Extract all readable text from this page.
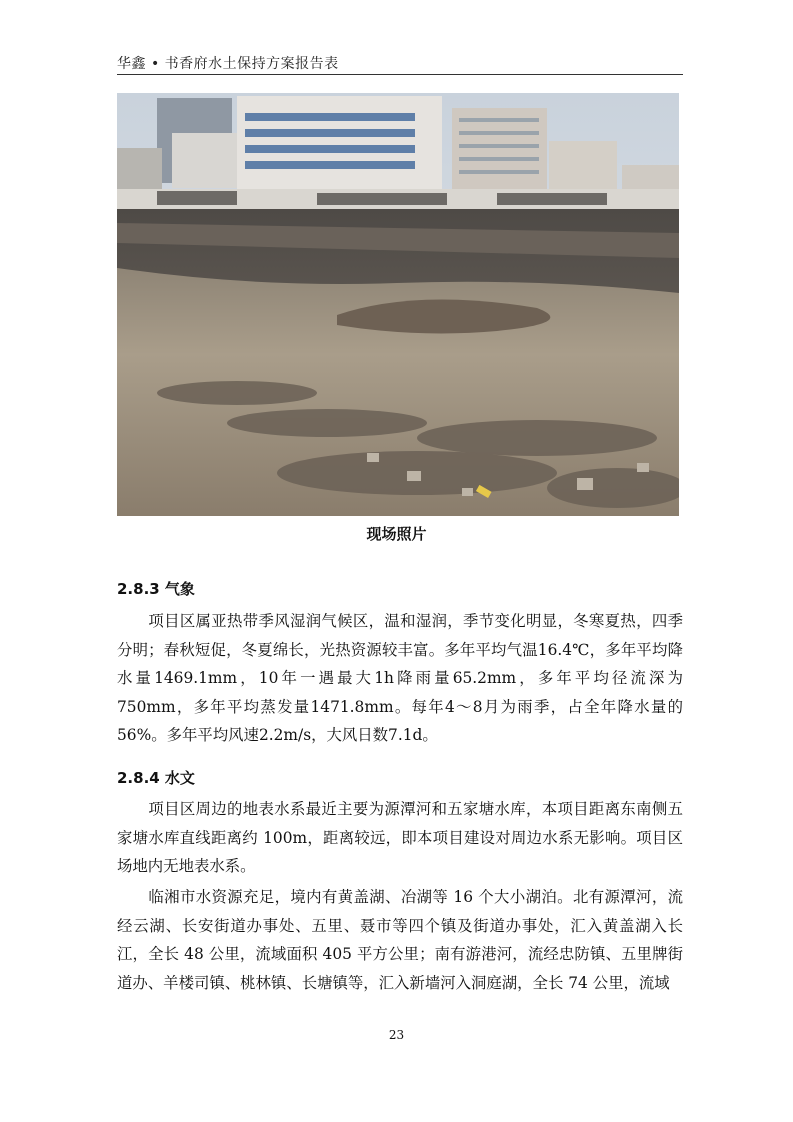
华鑫 • 书香府水土保持方案报告表
现场照片
2.8.3 气象
项目区属亚热带季风湿润气候区，温和湿润，季节变化明显，冬寒夏热，四季分明；春秋短促，冬夏绵长，光热资源较丰富。多年平均气温16.4℃，多年平均降水量1469.1mm，10年一遇最大1h降雨量65.2mm，多年平均径流深为750mm，多年平均蒸发量1471.8mm。每年4～8月为雨季，占全年降水量的56%。多年平均风速2.2m/s，大风日数7.1d。
2.8.4 水文
项目区周边的地表水系最近主要为源潭河和五家塘水库，本项目距离东南侧五家塘水库直线距离约 100m，距离较远，即本项目建设对周边水系无影响。项目区场地内无地表水系。
临湘市水资源充足，境内有黄盖湖、冶湖等 16 个大小湖泊。北有源潭河，流经云湖、长安街道办事处、五里、聂市等四个镇及街道办事处，汇入黄盖湖入长江，全长 48 公里，流域面积 405 平方公里；南有游港河，流经忠防镇、五里牌街道办、羊楼司镇、桃林镇、长塘镇等，汇入新墙河入洞庭湖，全长 74 公里，流域
23
